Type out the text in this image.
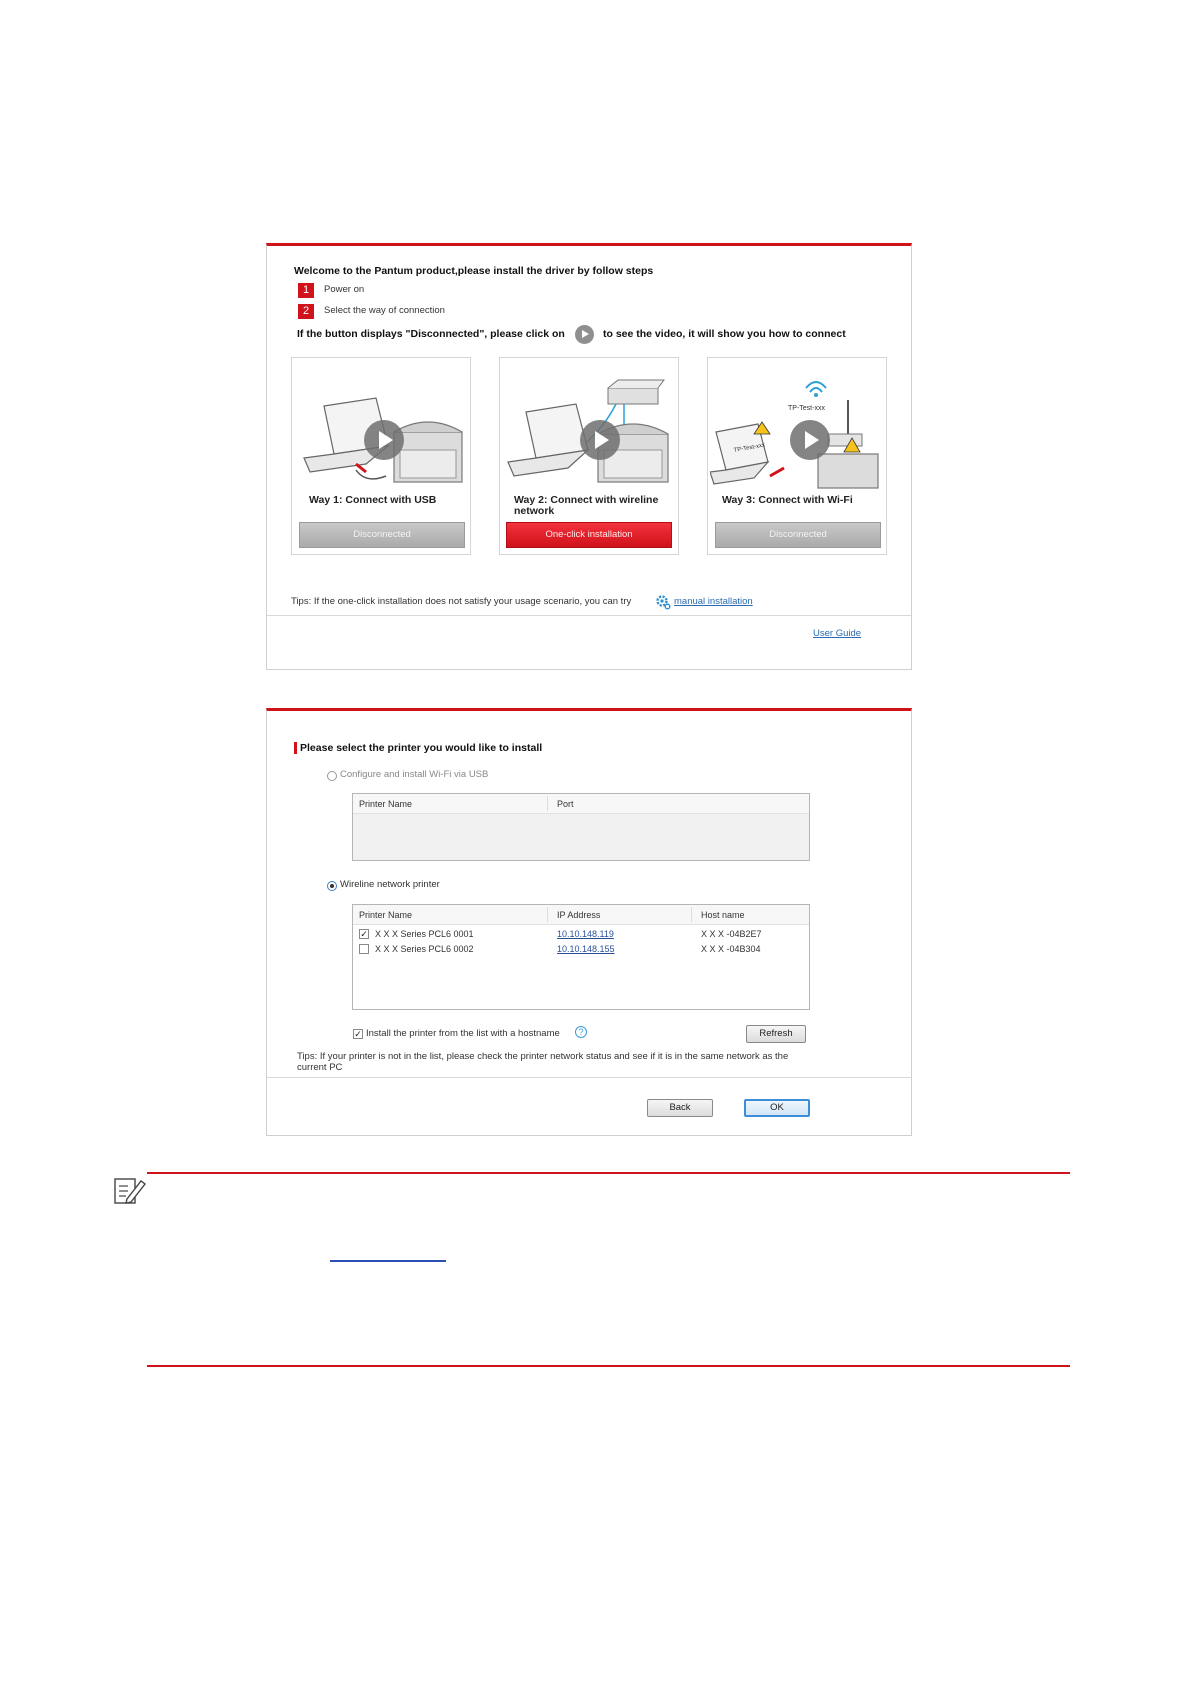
Welcome to the Pantum product,please install the driver by follow steps
1	Power on
2	Select the way of connection
If the button displays "Disconnected", please click on	to see the video, it will show you how to connect
Way 1: Connect with USB
Disconnected
Way 2: Connect with wireline network
One-click installation
TP-Test-xxx
TP-Test-xxx
Way 3: Connect with Wi-Fi
Disconnected
Tips: If the one-click installation does not satisfy your usage scenario, you can try	manual installation
User Guide
Please select the printer you would like to install
Configure and install Wi-Fi via USB
Printer Name	Port
Wireline network printer
Printer Name	IP Address	Host name
✓ X X X Series PCL6 0001	10.10.148.119	X X X -04B2E7
X X X Series PCL6 0002	10.10.148.155	X X X -04B304
✓ Install the printer from the list with a hostname	?	Refresh
Tips: If your printer is not in the list, please check the printer network status and see if it is in the same network as the current PC
Back	OK
